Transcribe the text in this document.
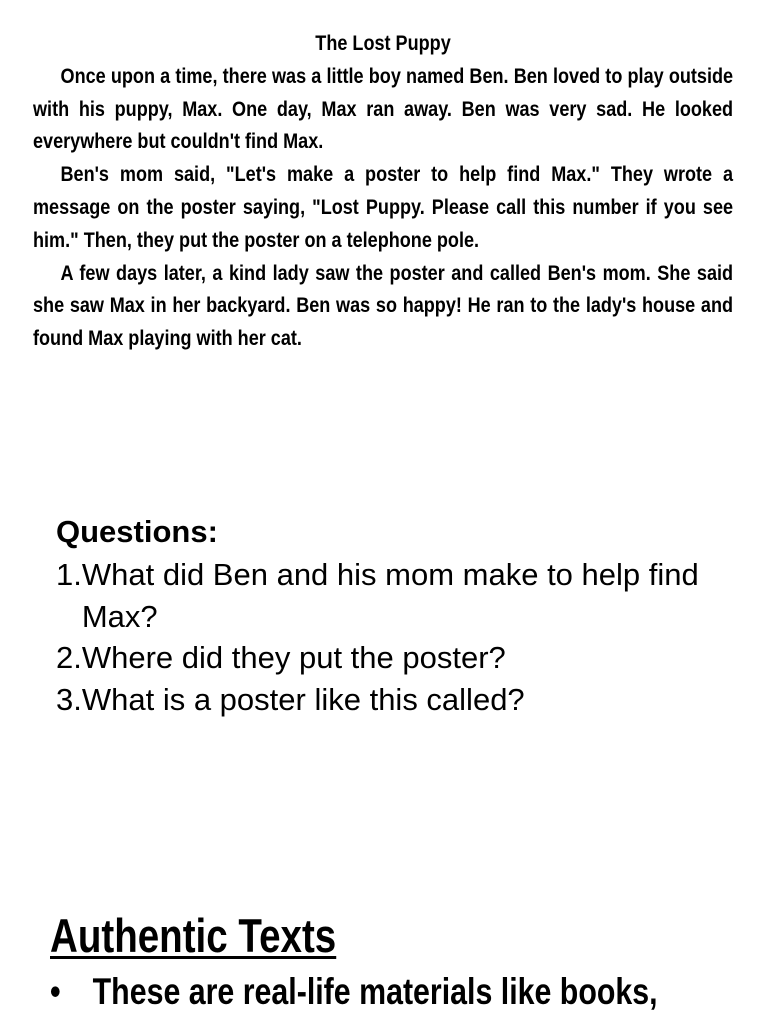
The Lost Puppy

Once upon a time, there was a little boy named Ben. Ben loved to play outside with his puppy, Max. One day, Max ran away. Ben was very sad. He looked everywhere but couldn't find Max.

Ben's mom said, "Let's make a poster to help find Max." They wrote a message on the poster saying, "Lost Puppy. Please call this number if you see him." Then, they put the poster on a telephone pole.

A few days later, a kind lady saw the poster and called Ben's mom. She said she saw Max in her backyard. Ben was so happy! He ran to the lady's house and found Max playing with her cat.

Questions:

1. What did Ben and his mom make to help find Max?
2. Where did they put the poster?
3. What is a poster like this called?

Authentic Texts

• These are real-life materials like books,
